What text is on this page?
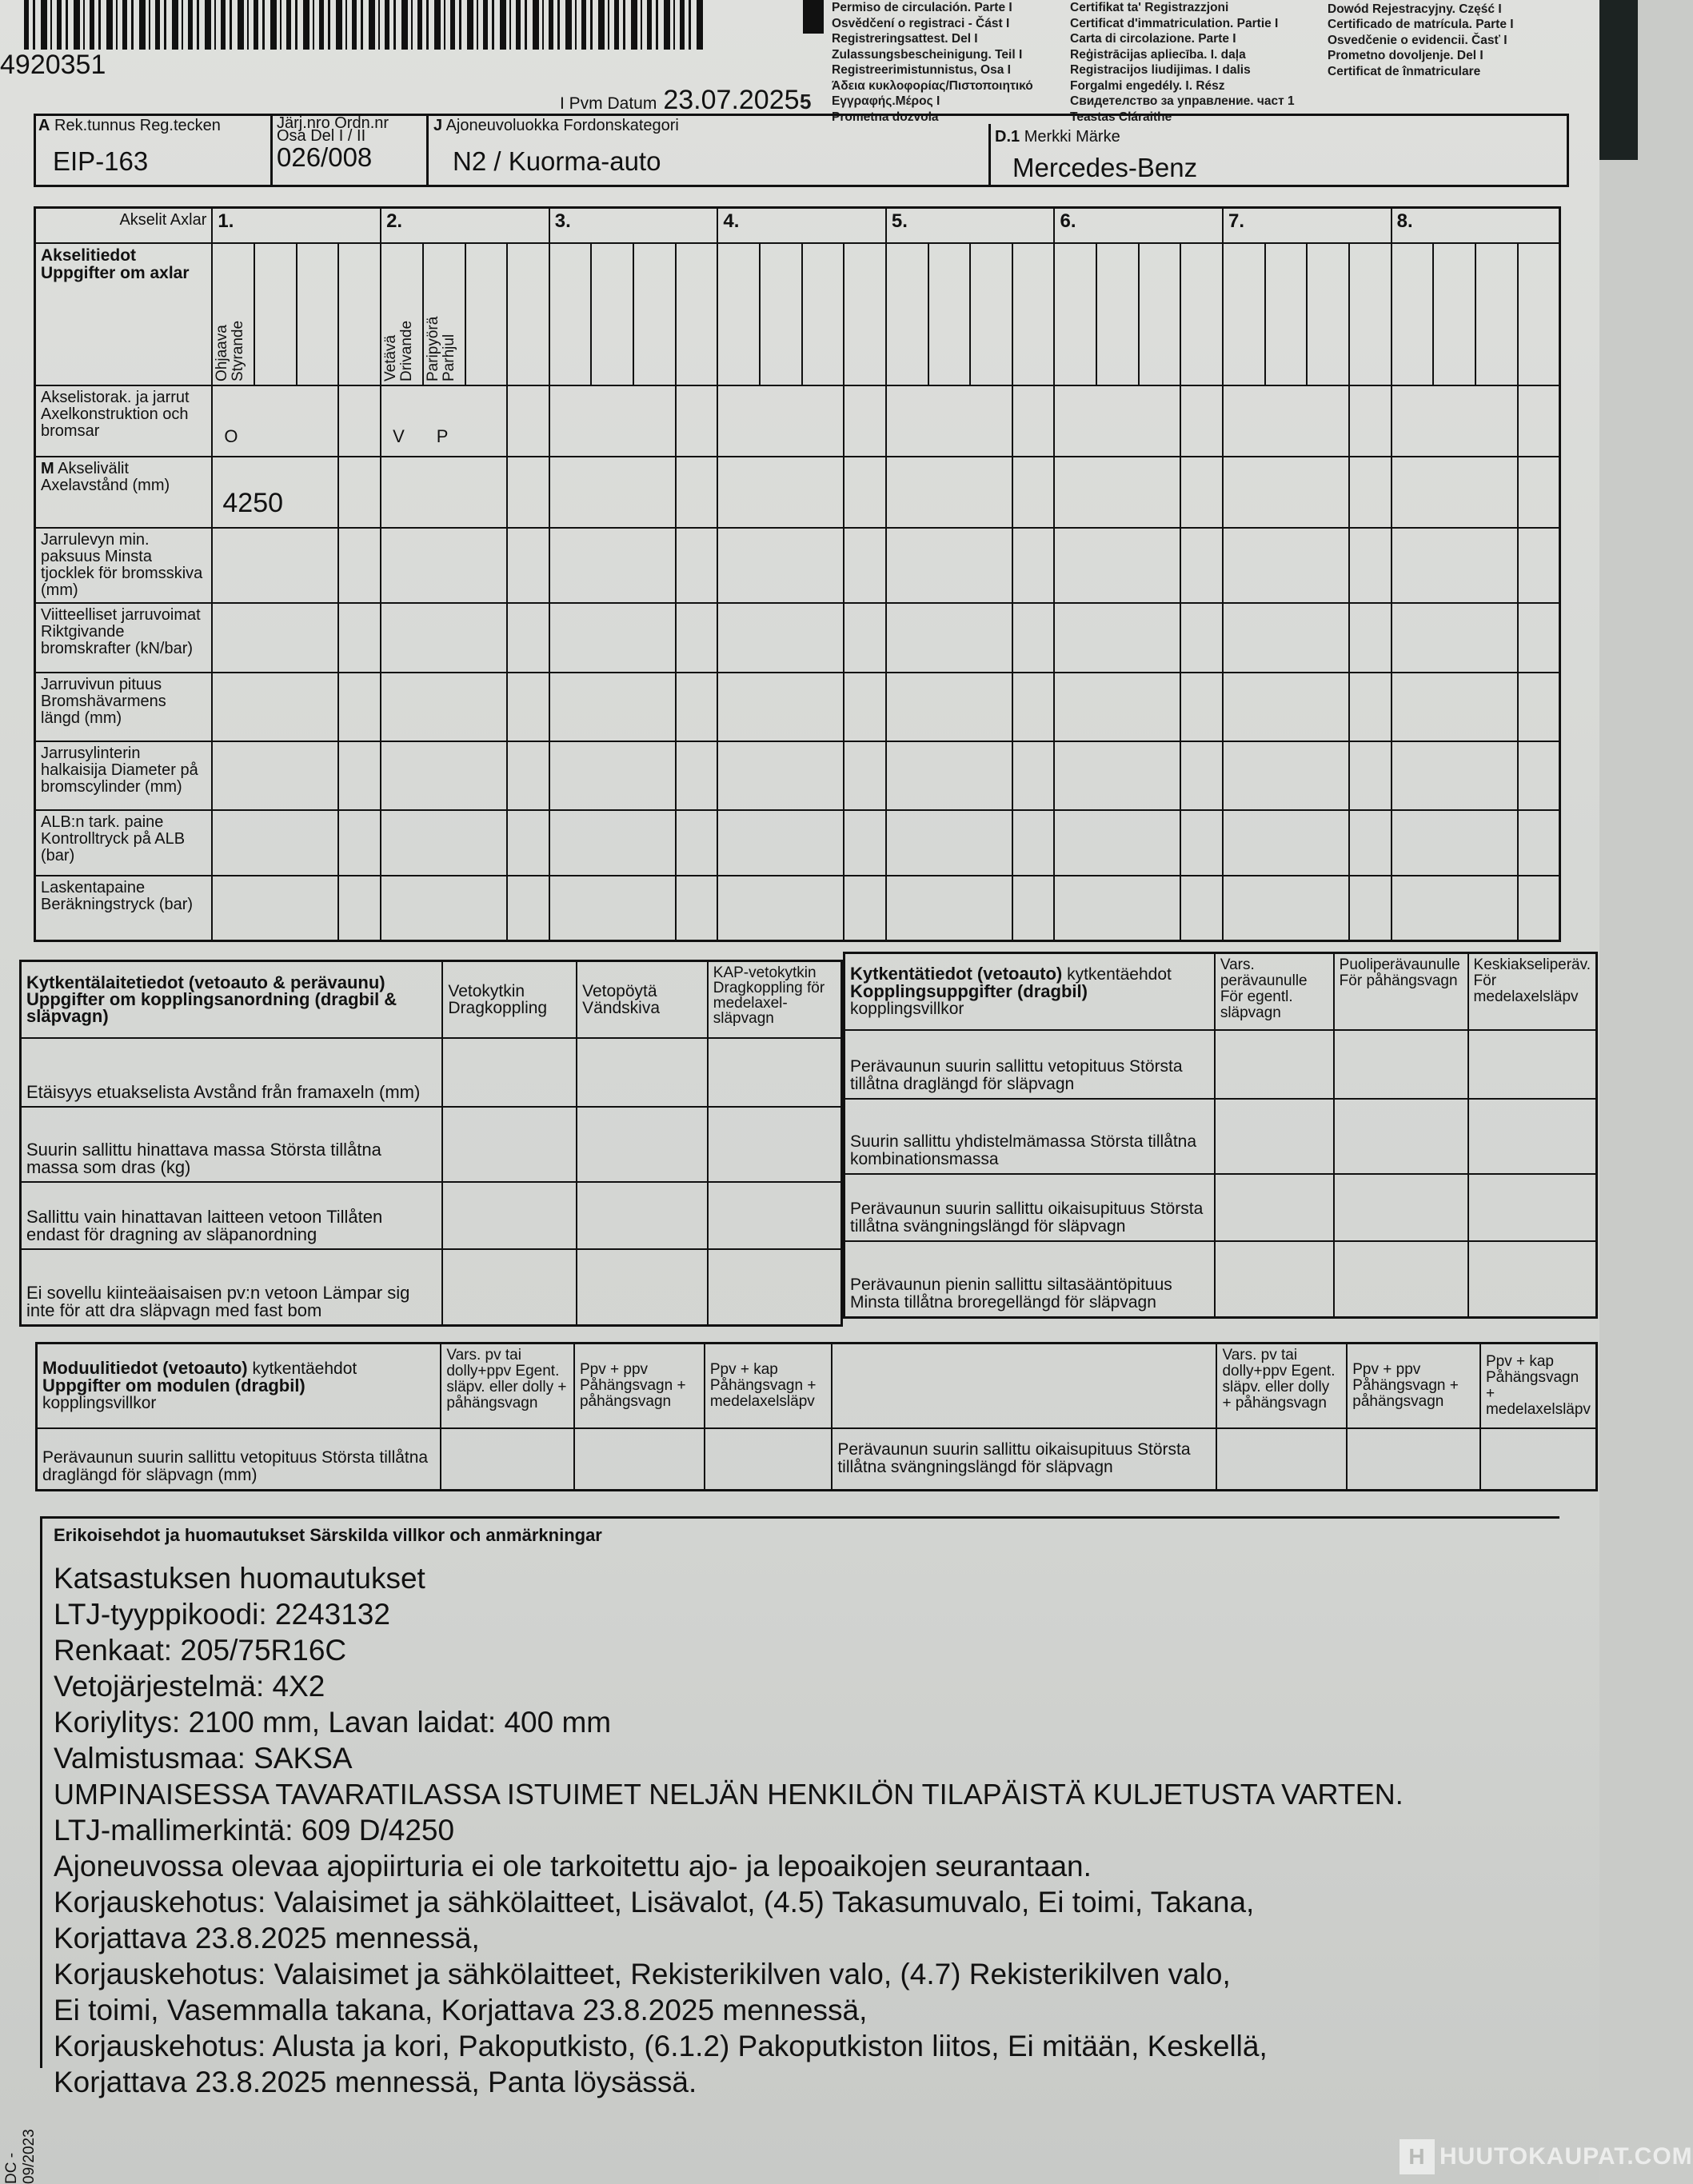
4920351
Permiso de circulación. Parte I
Osvědčení o registraci - Část I
Registreringsattest. Del I
Zulassungsbescheinigung. Teil I
Registreerimistunnistus, Osa I
Άδεια κυκλοφορίας/Πιστοποιητικό
Εγγραφής.Μέρος Ι
Prometna dozvola
5
Certifikat ta' Registrazzjoni
Certificat d'immatriculation. Partie I
Carta di circolazione. Parte I
Reģistrācijas apliecība. I. daļa
Registracijos liudijimas. I dalis
Forgalmi engedély. I. Rész
Свидетелство за управление. част 1
Teastas Cláraithe
Dowód Rejestracyjny. Część I
Certificado de matrícula. Parte I
Osvedčenie o evidencii. Časť I
Prometno dovoljenje. Del I
Certificat de înmatriculare
I Pvm Datum 23.07.2025
A Rek.tunnus Reg.tecken
EIP-163
Järj.nro Ordn.nr
Osa Del I / II
026/008
J Ajoneuvoluokka Fordonskategori
N2 / Kuorma-auto
D.1 Merkki Märke
Mercedes-Benz
Akselit Axlar	1.				2.				3.				4.				5.				6.				7.				8.			
Akselitiedot Uppgifter om axlar	Ohjaava Styrande				Vetävä Drivande	Paripyörä Parhjul																										

Akselistorak. ja jarrut Axelkonstruktion och bromsar	O				V P																											
M Akselivälit Axelavstånd (mm)	4250																															
Jarrulevyn min. paksuus Minsta tjocklek för bromsskiva (mm)																																
Viitteelliset jarruvoimat Riktgivande bromskrafter (kN/bar)																																
Jarruvivun pituus Bromshävarmens längd (mm)																																
Jarrusylinterin halkaisija Diameter på bromscylinder (mm)																																
ALB:n tark. paine Kontrolltryck på ALB (bar)																																
Laskentapaine Beräkningstryck (bar)																																
Kytkentälaitetiedot (vetoauto & perävaunu) Uppgifter om kopplingsanordning (dragbil & släpvagn)	Vetokytkin Dragkoppling	Vetopöytä Vändskiva	KAP-vetokytkin Dragkoppling för medelaxel-släpvagn
Etäisyys etuakselista Avstånd från framaxeln (mm)			
Suurin sallittu hinattava massa Största tillåtna massa som dras (kg)			
Sallittu vain hinattavan laitteen vetoon Tillåten endast för dragning av släpanordning			
Ei sovellu kiinteäaisaisen pv:n vetoon Lämpar sig inte för att dra släpvagn med fast bom			
Kytkentätiedot (vetoauto) kytkentäehdot
Kopplingsuppgifter (dragbil)
kopplingsvillkor	Vars. perävaunulle För egentl. släpvagn	Puoliperävaunulle För påhängsvagn	Keskiakseliperäv. För medelaxelsläpv
Perävaunun suurin sallittu vetopituus Största tillåtna draglängd för släpvagn			
Suurin sallittu yhdistelmämassa Största tillåtna kombinationsmassa			
Perävaunun suurin sallittu oikaisupituus Största tillåtna svängningslängd för släpvagn			
Perävaunun pienin sallittu siltasääntöpituus Minsta tillåtna broregellängd för släpvagn			
Moduulitiedot (vetoauto) kytkentäehdot
Uppgifter om modulen (dragbil)
kopplingsvillkor	Vars. pv tai dolly+ppv Egent. släpv. eller dolly + påhängsvagn	Ppv + ppv Påhängsvagn + påhängsvagn	Ppv + kap Påhängsvagn + medelaxelsläpv		Vars. pv tai dolly+ppv Egent. släpv. eller dolly + påhängsvagn	Ppv + ppv Påhängsvagn + påhängsvagn	Ppv + kap Påhängsvagn + medelaxelsläpv
Perävaunun suurin sallittu vetopituus Största tillåtna draglängd för släpvagn (mm)				Perävaunun suurin sallittu oikaisupituus Största tillåtna svängningslängd för släpvagn			
Erikoisehdot ja huomautukset Särskilda villkor och anmärkningar
Katsastuksen huomautukset
LTJ-tyyppikoodi: 2243132
Renkaat: 205/75R16C
Vetojärjestelmä: 4X2
Koriylitys: 2100 mm, Lavan laidat: 400 mm
Valmistusmaa: SAKSA
UMPINAISESSA TAVARATILASSA ISTUIMET NELJÄN HENKILÖN TILAPÄISTÄ KULJETUSTA VARTEN.
LTJ-mallimerkintä: 609 D/4250
Ajoneuvossa olevaa ajopiirturia ei ole tarkoitettu ajo- ja lepoaikojen seurantaan.
Korjauskehotus: Valaisimet ja sähkölaitteet, Lisävalot, (4.5) Takasumuvalo, Ei toimi, Takana,
Korjattava 23.8.2025 mennessä,
Korjauskehotus: Valaisimet ja sähkölaitteet, Rekisterikilven valo, (4.7) Rekisterikilven valo,
Ei toimi, Vasemmalla takana, Korjattava 23.8.2025 mennessä,
Korjauskehotus: Alusta ja kori, Pakoputkisto, (6.1.2) Pakoputkiston liitos, Ei mitään, Keskellä,
Korjattava 23.8.2025 mennessä, Panta löysässä.
DC - 09/2023	H HUUTOKAUPAT.COM
